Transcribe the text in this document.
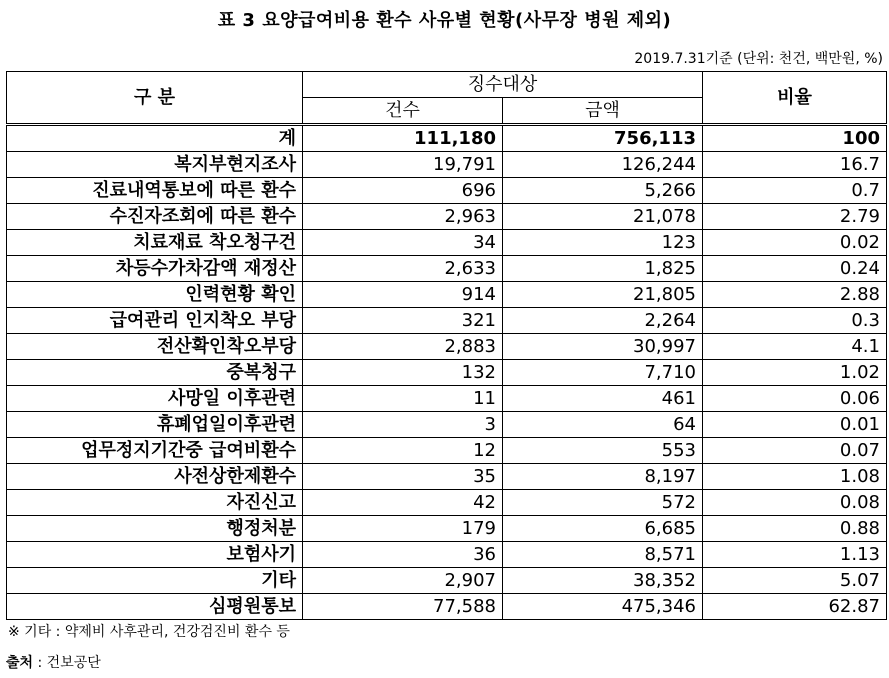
표 3 요양급여비용 환수 사유별 현황(사무장 병원 제외)
2019.7.31기준 (단위: 천건, 백만원, %)
구 분	징수대상		비율
	건수	금액	
계	111,180	756,113	100
복지부현지조사	19,791	126,244	16.7
진료내역통보에 따른 환수	696	5,266	0.7
수진자조회에 따른 환수	2,963	21,078	2.79
치료재료 착오청구건	34	123	0.02
차등수가차감액 재정산	2,633	1,825	0.24
인력현황 확인	914	21,805	2.88
급여관리 인지착오 부당	321	2,264	0.3
전산확인착오부당	2,883	30,997	4.1
중복청구	132	7,710	1.02
사망일 이후관련	11	461	0.06
휴폐업일이후관련	3	64	0.01
업무정지기간중 급여비환수	12	553	0.07
사전상한제환수	35	8,197	1.08
자진신고	42	572	0.08
행정처분	179	6,685	0.88
보험사기	36	8,571	1.13
기타	2,907	38,352	5.07
심평원통보	77,588	475,346	62.87
※ 기타 : 약제비 사후관리, 건강검진비 환수 등
출처 : 건보공단
